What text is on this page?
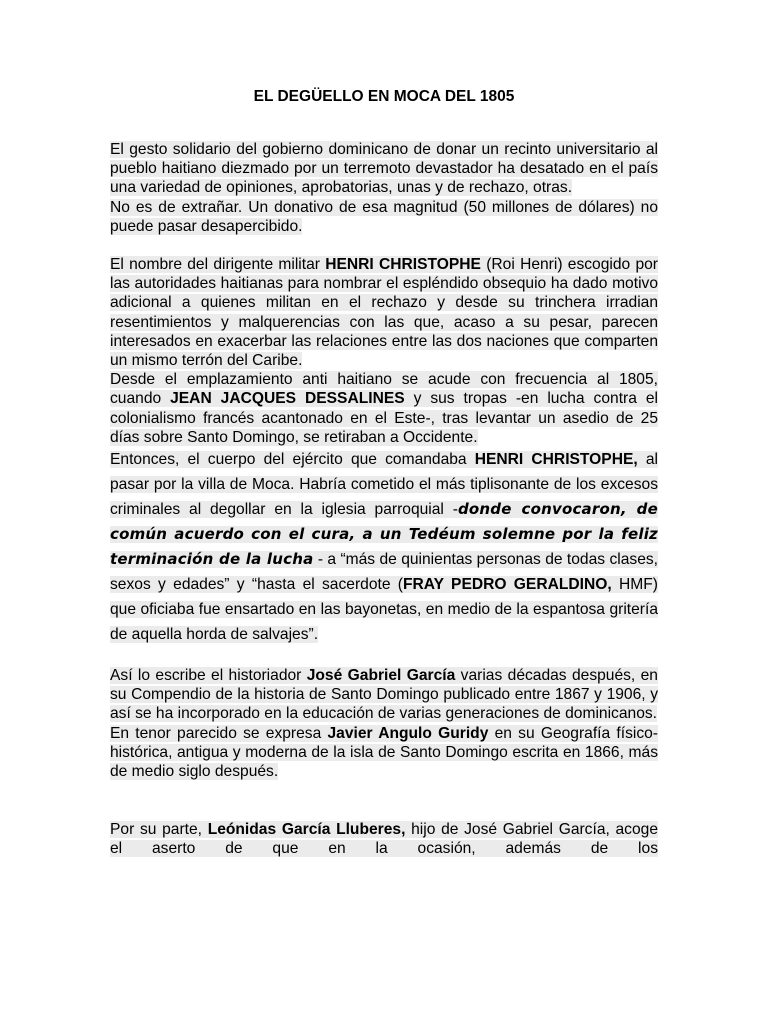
EL DEGÜELLO EN MOCA DEL 1805

El gesto solidario del gobierno dominicano de donar un recinto universitario al pueblo haitiano diezmado por un terremoto devastador ha desatado en el país una variedad de opiniones, aprobatorias, unas y de rechazo, otras.

No es de extrañar. Un donativo de esa magnitud (50 millones de dólares) no puede pasar desapercibido.

El nombre del dirigente militar HENRI CHRISTOPHE (Roi Henri) escogido por las autoridades haitianas para nombrar el espléndido obsequio ha dado motivo adicional a quienes militan en el rechazo y desde su trinchera irradian resentimientos y malquerencias con las que, acaso a su pesar, parecen interesados en exacerbar las relaciones entre las dos naciones que comparten un mismo terrón del Caribe.

Desde el emplazamiento anti haitiano se acude con frecuencia al 1805, cuando JEAN JACQUES DESSALINES y sus tropas -en lucha contra el colonialismo francés acantonado en el Este-, tras levantar un asedio de 25 días sobre Santo Domingo, se retiraban a Occidente.

Entonces, el cuerpo del ejército que comandaba HENRI CHRISTOPHE, al pasar por la villa de Moca. Habría cometido el más tiplisonante de los excesos criminales al degollar en la iglesia parroquial -donde convocaron, de común acuerdo con el cura, a un Tedéum solemne por la feliz terminación de la lucha - a “más de quinientas personas de todas clases, sexos y edades” y “hasta el sacerdote (FRAY PEDRO GERALDINO, HMF) que oficiaba fue ensartado en las bayonetas, en medio de la espantosa gritería de aquella horda de salvajes”.

Así lo escribe el historiador José Gabriel García varias décadas después, en su Compendio de la historia de Santo Domingo publicado entre 1867 y 1906, y así se ha incorporado en la educación de varias generaciones de dominicanos.

En tenor parecido se expresa Javier Angulo Guridy en su Geografía físico-histórica, antigua y moderna de la isla de Santo Domingo escrita en 1866, más de medio siglo después.

Por su parte, Leónidas García Lluberes, hijo de José Gabriel García, acoge el aserto de que en la ocasión, además de los
